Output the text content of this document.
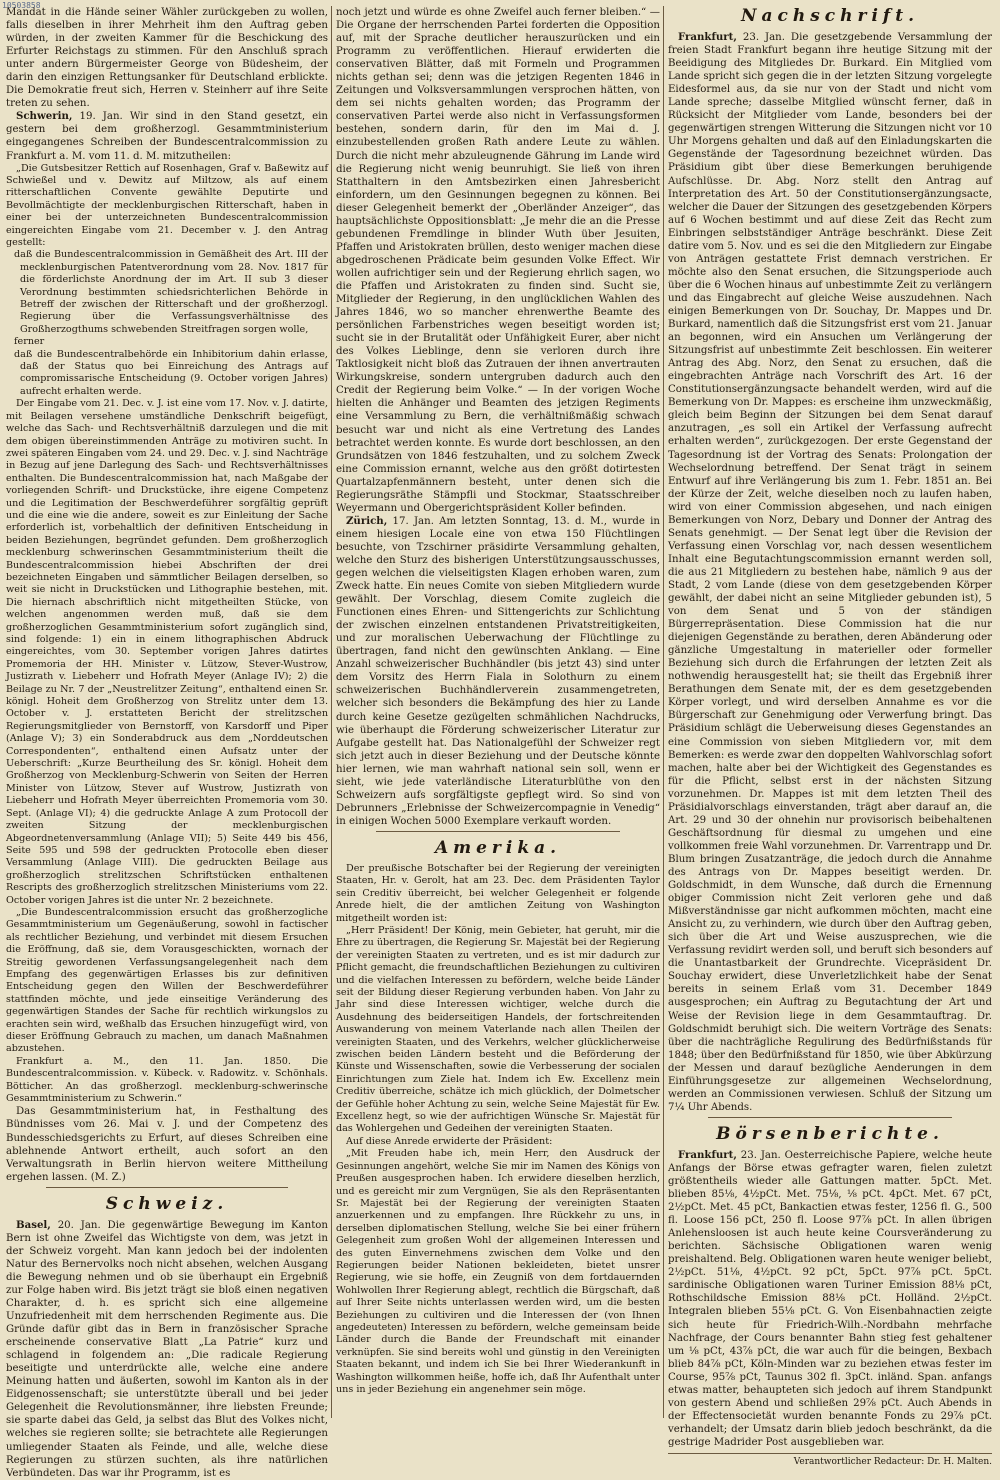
10503858

Mandat in die Hände seiner Wähler zurückgeben zu wollen, falls dieselben in ihrer Mehrheit ihm den Auftrag geben würden, in der zweiten Kammer für die Beschickung des Erfurter Reichstags zu stimmen. Für den Anschluß sprach unter andern Bürgermeister George von Büdesheim, der darin den einzigen Rettungsanker für Deutschland erblickte. Die Demokratie freut sich, Herren v. Steinherr auf ihre Seite treten zu sehen.

Schwerin, 19. Jan. Wir sind in den Stand gesetzt, ein gestern bei dem großherzogl. Gesammtministerium eingegangenes Schreiben der Bundescentralcommission zu Frankfurt a. M. vom 11. d. M. mitzutheilen:

„Die Gutsbesitzer Rettich auf Rosenhagen, Graf v. Baßewitz auf Schwießel und v. Dewitz auf Miltzow, als auf einem ritterschaftlichen Convente gewählte Deputirte und Bevollmächtigte der mecklenburgischen Ritterschaft, haben in einer bei der unterzeichneten Bundescentralcommission eingereichten Eingabe vom 21. December v. J. den Antrag gestellt:

daß die Bundescentralcommission in Gemäßheit des Art. III der mecklenburgischen Patentverordnung vom 28. Nov. 1817 für die förderlichste Anordnung der im Art. II sub 3 dieser Verordnung bestimmten schiedsrichterlichen Behörde in Betreff der zwischen der Ritterschaft und der großherzogl. Regierung über die Verfassungsverhältnisse des Großherzogthums schwebenden Streitfragen sorgen wolle,

ferner

daß die Bundescentralbehörde ein Inhibitorium dahin erlasse, daß der Status quo bei Einreichung des Antrags auf compromissarische Entscheidung (9. October vorigen Jahres) aufrecht erhalten werde.

Der Eingabe vom 21. Dec. v. J. ist eine vom 17. Nov. v. J. datirte, mit Beilagen versehene umständliche Denkschrift beigefügt, welche das Sach- und Rechtsverhältniß darzulegen und die mit dem obigen übereinstimmenden Anträge zu motiviren sucht. In zwei späteren Eingaben vom 24. und 29. Dec. v. J. sind Nachträge in Bezug auf jene Darlegung des Sach- und Rechtsverhältnisses enthalten. Die Bundescentralcommission hat, nach Maßgabe der vorliegenden Schrift- und Druckstücke, ihre eigene Competenz und die Legitimation der Beschwerdeführer sorgfältig geprüft und die eine wie die andere, soweit es zur Einleitung der Sache erforderlich ist, vorbehaltlich der definitiven Entscheidung in beiden Beziehungen, begründet gefunden. Dem großherzoglich mecklenburg schwerinschen Gesammtministerium theilt die Bundescentralcommission hiebei Abschriften der drei bezeichneten Eingaben und sämmtlicher Beilagen derselben, so weit sie nicht in Druckstücken und Lithographie bestehen, mit. Die hiernach abschriftlich nicht mitgetheilten Stücke, von welchen angenommen werden muß, daß sie dem großherzoglichen Gesammtministerium sofort zugänglich sind, sind folgende: 1) ein in einem lithographischen Abdruck eingereichtes, vom 30. September vorigen Jahres datirtes Promemoria der HH. Minister v. Lützow, Stever-Wustrow, Justizrath v. Liebeherr und Hofrath Meyer (Anlage IV); 2) die Beilage zu Nr. 7 der „Neustrelitzer Zeitung“, enthaltend einen Sr. königl. Hoheit dem Großherzog von Strelitz unter dem 13. October v. J. erstatteten Bericht der strelitzschen Regierungsmitglieder von Bernstorff, von Karsdorff und Piper (Anlage V); 3) ein Sonderabdruck aus dem „Norddeutschen Correspondenten“, enthaltend einen Aufsatz unter der Ueberschrift: „Kurze Beurtheilung des Sr. königl. Hoheit dem Großherzog von Mecklenburg-Schwerin von Seiten der Herren Minister von Lützow, Stever auf Wustrow, Justizrath von Liebeherr und Hofrath Meyer überreichten Promemoria vom 30. Sept. (Anlage VI); 4) die gedruckte Anlage A zum Protocoll der zweiten Sitzung der mecklenburgischen Abgeordnetenversammlung (Anlage VII); 5) Seite 449 bis 456, Seite 595 und 598 der gedruckten Protocolle eben dieser Versammlung (Anlage VIII). Die gedruckten Beilage aus großherzoglich strelitzschen Schriftstücken enthaltenen Rescripts des großherzoglich strelitzschen Ministeriums vom 22. October vorigen Jahres ist die unter Nr. 2 bezeichnete.

„Die Bundescentralcommission ersucht das großherzogliche Gesammtministerium um Gegenäußerung, sowohl in factischer als rechtlicher Beziehung, und verbindet mit diesem Ersuchen die Eröffnung, daß sie, dem Vorausgeschickten, wornach der Streitig gewordenen Verfassungsangelegenheit nach dem Empfang des gegenwärtigen Erlasses bis zur definitiven Entscheidung gegen den Willen der Beschwerdeführer stattfinden möchte, und jede einseitige Veränderung des gegenwärtigen Standes der Sache für rechtlich wirkungslos zu erachten sein wird, weßhalb das Ersuchen hinzugefügt wird, von dieser Eröffnung Gebrauch zu machen, um danach Maßnahmen abzustehen.

Frankfurt a. M., den 11. Jan. 1850. Die Bundescentralcommission. v. Kübeck. v. Radowitz. v. Schönhals. Bötticher. An das großherzogl. mecklenburg-schwerinsche Gesammtministerium zu Schwerin.“

Das Gesammtministerium hat, in Festhaltung des Bündnisses vom 26. Mai v. J. und der Competenz des Bundesschiedsgerichts zu Erfurt, auf dieses Schreiben eine ablehnende Antwort ertheilt, auch sofort an den Verwaltungsrath in Berlin hiervon weitere Mittheilung ergehen lassen. (M. Z.)

Schweiz.

Basel, 20. Jan. Die gegenwärtige Bewegung im Kanton Bern ist ohne Zweifel das Wichtigste von dem, was jetzt in der Schweiz vorgeht. Man kann jedoch bei der indolenten Natur des Bernervolks noch nicht absehen, welchen Ausgang die Bewegung nehmen und ob sie überhaupt ein Ergebniß zur Folge haben wird. Bis jetzt trägt sie bloß einen negativen Charakter, d. h. es spricht sich eine allgemeine Unzufriedenheit mit dem herrschenden Regimente aus. Die Gründe dafür gibt das in Bern in französischer Sprache erscheinende conservative Blatt „La Patrie“ kurz und schlagend in folgendem an: „Die radicale Regierung beseitigte und unterdrückte alle, welche eine andere Meinung hatten und äußerten, sowohl im Kanton als in der Eidgenossenschaft; sie unterstützte überall und bei jeder Gelegenheit die Revolutionsmänner, ihre liebsten Freunde; sie sparte dabei das Geld, ja selbst das Blut des Volkes nicht, welches sie regieren sollte; sie betrachtete alle Regierungen umliegender Staaten als Feinde, und alle, welche diese Regierungen zu stürzen suchten, als ihre natürlichen Verbündeten. Das war ihr Programm, ist es

noch jetzt und würde es ohne Zweifel auch ferner bleiben.“ — Die Organe der herrschenden Partei forderten die Opposition auf, mit der Sprache deutlicher herauszurücken und ein Programm zu veröffentlichen. Hierauf erwiderten die conservativen Blätter, daß mit Formeln und Programmen nichts gethan sei; denn was die jetzigen Regenten 1846 in Zeitungen und Volksversammlungen versprochen hätten, von dem sei nichts gehalten worden; das Programm der conservativen Partei werde also nicht in Verfassungsformen bestehen, sondern darin, für den im Mai d. J. einzubestellenden großen Rath andere Leute zu wählen. Durch die nicht mehr abzuleugnende Gährung im Lande wird die Regierung nicht wenig beunruhigt. Sie ließ von ihren Statthaltern in den Amtsbezirken einen Jahresbericht einfordern, um den Gesinnungen begegnen zu können. Bei dieser Gelegenheit bemerkt der „Oberländer Anzeiger“, das hauptsächlichste Oppositionsblatt: „Je mehr die an die Presse gebundenen Fremdlinge in blinder Wuth über Jesuiten, Pfaffen und Aristokraten brüllen, desto weniger machen diese abgedroschenen Prädicate beim gesunden Volke Effect. Wir wollen aufrichtiger sein und der Regierung ehrlich sagen, wo die Pfaffen und Aristokraten zu finden sind. Sucht sie, Mitglieder der Regierung, in den unglücklichen Wahlen des Jahres 1846, wo so mancher ehrenwerthe Beamte des persönlichen Farbenstriches wegen beseitigt worden ist; sucht sie in der Brutalität oder Unfähigkeit Eurer, aber nicht des Volkes Lieblinge, denn sie verloren durch ihre Taktlosigkeit nicht bloß das Zutrauen der ihnen anvertrauten Wirkungskreise, sondern untergruben dadurch auch den Credit der Regierung beim Volke.“ — In der vorigen Woche hielten die Anhänger und Beamten des jetzigen Regiments eine Versammlung zu Bern, die verhältnißmäßig schwach besucht war und nicht als eine Vertretung des Landes betrachtet werden konnte. Es wurde dort beschlossen, an den Grundsätzen von 1846 festzuhalten, und zu solchem Zweck eine Commission ernannt, welche aus den größt dotirtesten Quartalzapfenmännern besteht, unter denen sich die Regierungsräthe Stämpfli und Stockmar, Staatsschreiber Weyermann und Obergerichtspräsident Koller befinden.

Zürich, 17. Jan. Am letzten Sonntag, 13. d. M., wurde in einem hiesigen Locale eine von etwa 150 Flüchtlingen besuchte, von Tzschirner präsidirte Versammlung gehalten, welche den Sturz des bisherigen Unterstützungsausschusses, gegen welchen die vielseitigsten Klagen erhoben waren, zum Zweck hatte. Ein neues Comite von sieben Mitgliedern wurde gewählt. Der Vorschlag, diesem Comite zugleich die Functionen eines Ehren- und Sittengerichts zur Schlichtung der zwischen einzelnen entstandenen Privatstreitigkeiten, und zur moralischen Ueberwachung der Flüchtlinge zu übertragen, fand nicht den gewünschten Anklang. — Eine Anzahl schweizerischer Buchhändler (bis jetzt 43) sind unter dem Vorsitz des Herrn Fiala in Solothurn zu einem schweizerischen Buchhändlerverein zusammengetreten, welcher sich besonders die Bekämpfung des hier zu Lande durch keine Gesetze gezügelten schmählichen Nachdrucks, wie überhaupt die Förderung schweizerischer Literatur zur Aufgabe gestellt hat. Das Nationalgefühl der Schweizer regt sich jetzt auch in dieser Beziehung und der Deutsche könnte hier lernen, wie man wahrhaft national sein soll, wenn er sieht, wie jede vaterländische Literaturblüthe von den Schweizern aufs sorgfältigste gepflegt wird. So sind von Debrunners „Erlebnisse der Schweizercompagnie in Venedig“ in einigen Wochen 5000 Exemplare verkauft worden.

Amerika.

Der preußische Botschafter bei der Regierung der vereinigten Staaten, Hr. v. Gerolt, hat am 23. Dec. dem Präsidenten Taylor sein Creditiv überreicht, bei welcher Gelegenheit er folgende Anrede hielt, die der amtlichen Zeitung von Washington mitgetheilt worden ist:

„Herr Präsident! Der König, mein Gebieter, hat geruht, mir die Ehre zu übertragen, die Regierung Sr. Majestät bei der Regierung der vereinigten Staaten zu vertreten, und es ist mir dadurch zur Pflicht gemacht, die freundschaftlichen Beziehungen zu cultiviren und die vielfachen Interessen zu befördern, welche beide Länder seit der Bildung dieser Regierung verbunden haben. Von Jahr zu Jahr sind diese Interessen wichtiger, welche durch die Ausdehnung des beiderseitigen Handels, der fortschreitenden Auswanderung von meinem Vaterlande nach allen Theilen der vereinigten Staaten, und des Verkehrs, welcher glücklicherweise zwischen beiden Ländern besteht und die Beförderung der Künste und Wissenschaften, sowie die Verbesserung der socialen Einrichtungen zum Ziele hat. Indem ich Ew. Excellenz mein Creditiv überreiche, schätze ich mich glücklich, der Dolmetscher der Gefühle hoher Achtung zu sein, welche Seine Majestät für Ew. Excellenz hegt, so wie der aufrichtigen Wünsche Sr. Majestät für das Wohlergehen und Gedeihen der vereinigten Staaten.

Auf diese Anrede erwiderte der Präsident:

„Mit Freuden habe ich, mein Herr, den Ausdruck der Gesinnungen angehört, welche Sie mir im Namen des Königs von Preußen ausgesprochen haben. Ich erwidere dieselben herzlich, und es gereicht mir zum Vergnügen, Sie als den Repräsentanten Sr. Majestät bei der Regierung der vereinigten Staaten anzuerkennen und zu empfangen. Ihre Rückkehr zu uns, in derselben diplomatischen Stellung, welche Sie bei einer frühern Gelegenheit zum großen Wohl der allgemeinen Interessen und des guten Einvernehmens zwischen dem Volke und den Regierungen beider Nationen bekleideten, bietet unsrer Regierung, wie sie hoffe, ein Zeugniß von dem fortdauernden Wohlwollen Ihrer Regierung ablegt, rechtlich die Bürgschaft, daß auf Ihrer Seite nichts unterlassen werden wird, um die besten Beziehungen zu cultiviren und die Interessen der (von Ihnen angedeuteten) Interessen zu befördern, welche gemeinsam beide Länder durch die Bande der Freundschaft mit einander verknüpfen. Sie sind bereits wohl und günstig in den Vereinigten Staaten bekannt, und indem ich Sie bei Ihrer Wiederankunft in Washington willkommen heiße, hoffe ich, daß Ihr Aufenthalt unter uns in jeder Beziehung ein angenehmer sein möge.

Nachschrift.

Frankfurt, 23. Jan. Die gesetzgebende Versammlung der freien Stadt Frankfurt begann ihre heutige Sitzung mit der Beeidigung des Mitgliedes Dr. Burkard. Ein Mitglied vom Lande spricht sich gegen die in der letzten Sitzung vorgelegte Eidesformel aus, da sie nur von der Stadt und nicht vom Lande spreche; dasselbe Mitglied wünscht ferner, daß in Rücksicht der Mitglieder vom Lande, besonders bei der gegenwärtigen strengen Witterung die Sitzungen nicht vor 10 Uhr Morgens gehalten und daß auf den Einladungskarten die Gegenstände der Tagesordnung bezeichnet würden. Das Präsidium gibt über diese Bemerkungen beruhigende Aufschlüsse. Dr. Abg. Norz stellt den Antrag auf Interpretation des Art. 50 der Constitutionsergänzungsacte, welcher die Dauer der Sitzungen des gesetzgebenden Körpers auf 6 Wochen bestimmt und auf diese Zeit das Recht zum Einbringen selbstständiger Anträge beschränkt. Diese Zeit datire vom 5. Nov. und es sei die den Mitgliedern zur Eingabe von Anträgen gestattete Frist demnach verstrichen. Er möchte also den Senat ersuchen, die Sitzungsperiode auch über die 6 Wochen hinaus auf unbestimmte Zeit zu verlängern und das Eingabrecht auf gleiche Weise auszudehnen. Nach einigen Bemerkungen von Dr. Souchay, Dr. Mappes und Dr. Burkard, namentlich daß die Sitzungsfrist erst vom 21. Januar an begonnen, wird ein Ansuchen um Verlängerung der Sitzungsfrist auf unbestimmte Zeit beschlossen. Ein weiterer Antrag des Abg. Norz, den Senat zu ersuchen, daß die eingebrachten Anträge nach Vorschrift des Art. 16 der Constitutionsergänzungsacte behandelt werden, wird auf die Bemerkung von Dr. Mappes: es erscheine ihm unzweckmäßig, gleich beim Beginn der Sitzungen bei dem Senat darauf anzutragen, „es soll ein Artikel der Verfassung aufrecht erhalten werden“, zurückgezogen. Der erste Gegenstand der Tagesordnung ist der Vortrag des Senats: Prolongation der Wechselordnung betreffend. Der Senat trägt in seinem Entwurf auf ihre Verlängerung bis zum 1. Febr. 1851 an. Bei der Kürze der Zeit, welche dieselben noch zu laufen haben, wird von einer Commission abgesehen, und nach einigen Bemerkungen von Norz, Debary und Donner der Antrag des Senats genehmigt. — Der Senat legt über die Revision der Verfassung einen Vorschlag vor, nach dessen wesentlichem Inhalt eine Begutachtungscommission ernannt werden soll, die aus 21 Mitgliedern zu bestehen habe, nämlich 9 aus der Stadt, 2 vom Lande (diese von dem gesetzgebenden Körper gewählt, der dabei nicht an seine Mitglieder gebunden ist), 5 von dem Senat und 5 von der ständigen Bürgerrepräsentation. Diese Commission hat die nur diejenigen Gegenstände zu berathen, deren Abänderung oder gänzliche Umgestaltung in materieller oder formeller Beziehung sich durch die Erfahrungen der letzten Zeit als nothwendig herausgestellt hat; sie theilt das Ergebniß ihrer Berathungen dem Senate mit, der es dem gesetzgebenden Körper vorlegt, und wird derselben Annahme es vor die Bürgerschaft zur Genehmigung oder Verwerfung bringt. Das Präsidium schlägt die Ueberweisung dieses Gegenstandes an eine Commission von sieben Mitgliedern vor, mit dem Bemerken: es werde zwar den doppelten Wahlvorschlag sofort machen, halte aber bei der Wichtigkeit des Gegenstandes es für die Pflicht, selbst erst in der nächsten Sitzung vorzunehmen. Dr. Mappes ist mit dem letzten Theil des Präsidialvorschlags einverstanden, trägt aber darauf an, die Art. 29 und 30 der ohnehin nur provisorisch beibehaltenen Geschäftsordnung für diesmal zu umgehen und eine vollkommen freie Wahl vorzunehmen. Dr. Varrentrapp und Dr. Blum bringen Zusatzanträge, die jedoch durch die Annahme des Antrags von Dr. Mappes beseitigt werden. Dr. Goldschmidt, in dem Wunsche, daß durch die Ernennung obiger Commission nicht Zeit verloren gehe und daß Mißverständnisse gar nicht aufkommen möchten, macht eine Ansicht zu, zu verhindern, wie durch über den Auftrag geben, sich über die Art und Weise auszusprechen, wie die Verfassung revidirt werden soll, und beruft sich besonders auf die Unantastbarkeit der Grundrechte. Vicepräsident Dr. Souchay erwidert, diese Unverletzlichkeit habe der Senat bereits in seinem Erlaß vom 31. December 1849 ausgesprochen; ein Auftrag zu Begutachtung der Art und Weise der Revision liege in dem Gesammtauftrag. Dr. Goldschmidt beruhigt sich. Die weitern Vorträge des Senats: über die nachträgliche Regulirung des Bedürfnißstands für 1848; über den Bedürfnißstand für 1850, wie über Abkürzung der Messen und darauf bezügliche Aenderungen in dem Einführungsgesetze zur allgemeinen Wechselordnung, werden an Commissionen verwiesen. Schluß der Sitzung um 7¼ Uhr Abends.

Börsenberichte.

Frankfurt, 23. Jan. Oesterreichische Papiere, welche heute Anfangs der Börse etwas gefragter waren, fielen zuletzt größtentheils wieder alle Gattungen matter. 5pCt. Met. blieben 85⅛, 4½pCt. Met. 75⅛, ⅛ pCt. 4pCt. Met. 67 pCt, 2½pCt. Met. 45 pCt, Bankactien etwas fester, 1256 fl. G., 500 fl. Loose 156 pCt, 250 fl. Loose 97⅞ pCt. In allen übrigen Anlehensloosen ist auch heute keine Coursveränderung zu berichten. Sächsische Obligationen waren wenig preishaltend. Belg. Obligationen waren heute weniger beliebt, 2½pCt. 51⅛, 4½pCt. 92 pCt, 5pCt. 97⅞ pCt. 5pCt. sardinische Obligationen waren Turiner Emission 88⅛ pCt, Rothschildsche Emission 88⅛ pCt. Holländ. 2½pCt. Integralen blieben 55⅛ pCt. G. Von Eisenbahnactien zeigte sich heute für Friedrich-Wilh.-Nordbahn mehrfache Nachfrage, der Cours benannter Bahn stieg fest gehaltener um ⅛ pCt, 43⅞ pCt, die war auch für die beingen, Bexbach blieb 84⅞ pCt, Köln-Minden war zu beziehen etwas fester im Course, 95⅞ pCt, Taunus 302 fl. 3pCt. inländ. Span. anfangs etwas matter, behaupteten sich jedoch auf ihrem Standpunkt von gestern Abend und schließen 29⅞ pCt. Auch Abends in der Effectensocietät wurden benannte Fonds zu 29⅞ pCt. verhandelt; der Umsatz darin blieb jedoch beschränkt, da die gestrige Madrider Post ausgeblieben war.

Verantwortlicher Redacteur: Dr. H. Malten.
